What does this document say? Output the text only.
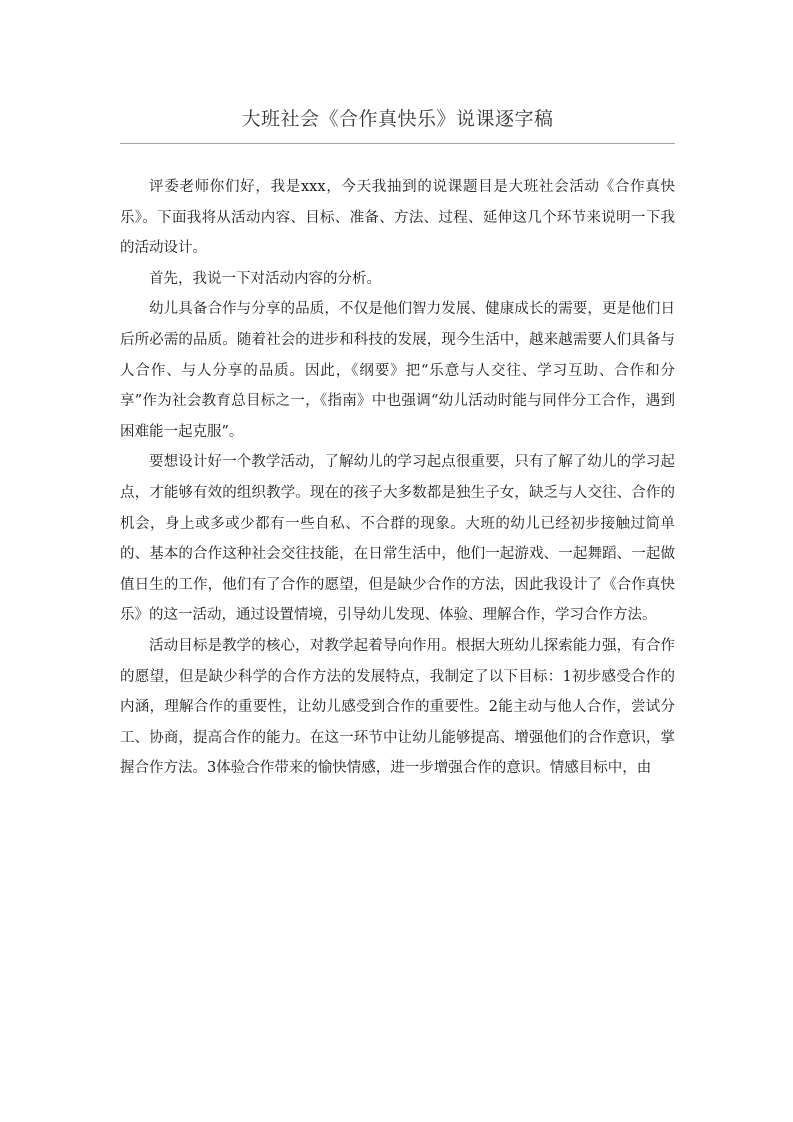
大班社会《合作真快乐》说课逐字稿

评委老师你们好，我是xxx，今天我抽到的说课题目是大班社会活动《合作真快乐》。下面我将从活动内容、目标、准备、方法、过程、延伸这几个环节来说明一下我的活动设计。

首先，我说一下对活动内容的分析。

幼儿具备合作与分享的品质，不仅是他们智力发展、健康成长的需要，更是他们日后所必需的品质。随着社会的进步和科技的发展，现今生活中，越来越需要人们具备与人合作、与人分享的品质。因此，《纲要》把“乐意与人交往、学习互助、合作和分享”作为社会教育总目标之一，《指南》中也强调“幼儿活动时能与同伴分工合作，遇到困难能一起克服”。

要想设计好一个教学活动，了解幼儿的学习起点很重要，只有了解了幼儿的学习起点，才能够有效的组织教学。现在的孩子大多数都是独生子女，缺乏与人交往、合作的机会，身上或多或少都有一些自私、不合群的现象。大班的幼儿已经初步接触过简单的、基本的合作这种社会交往技能，在日常生活中，他们一起游戏、一起舞蹈、一起做值日生的工作，他们有了合作的愿望，但是缺少合作的方法，因此我设计了《合作真快乐》的这一活动，通过设置情境，引导幼儿发现、体验、理解合作，学习合作方法。

活动目标是教学的核心，对教学起着导向作用。根据大班幼儿探索能力强，有合作的愿望，但是缺少科学的合作方法的发展特点，我制定了以下目标：1初步感受合作的内涵，理解合作的重要性，让幼儿感受到合作的重要性。2能主动与他人合作，尝试分工、协商，提高合作的能力。在这一环节中让幼儿能够提高、增强他们的合作意识，掌握合作方法。3体验合作带来的愉快情感，进一步增强合作的意识。情感目标中，由
